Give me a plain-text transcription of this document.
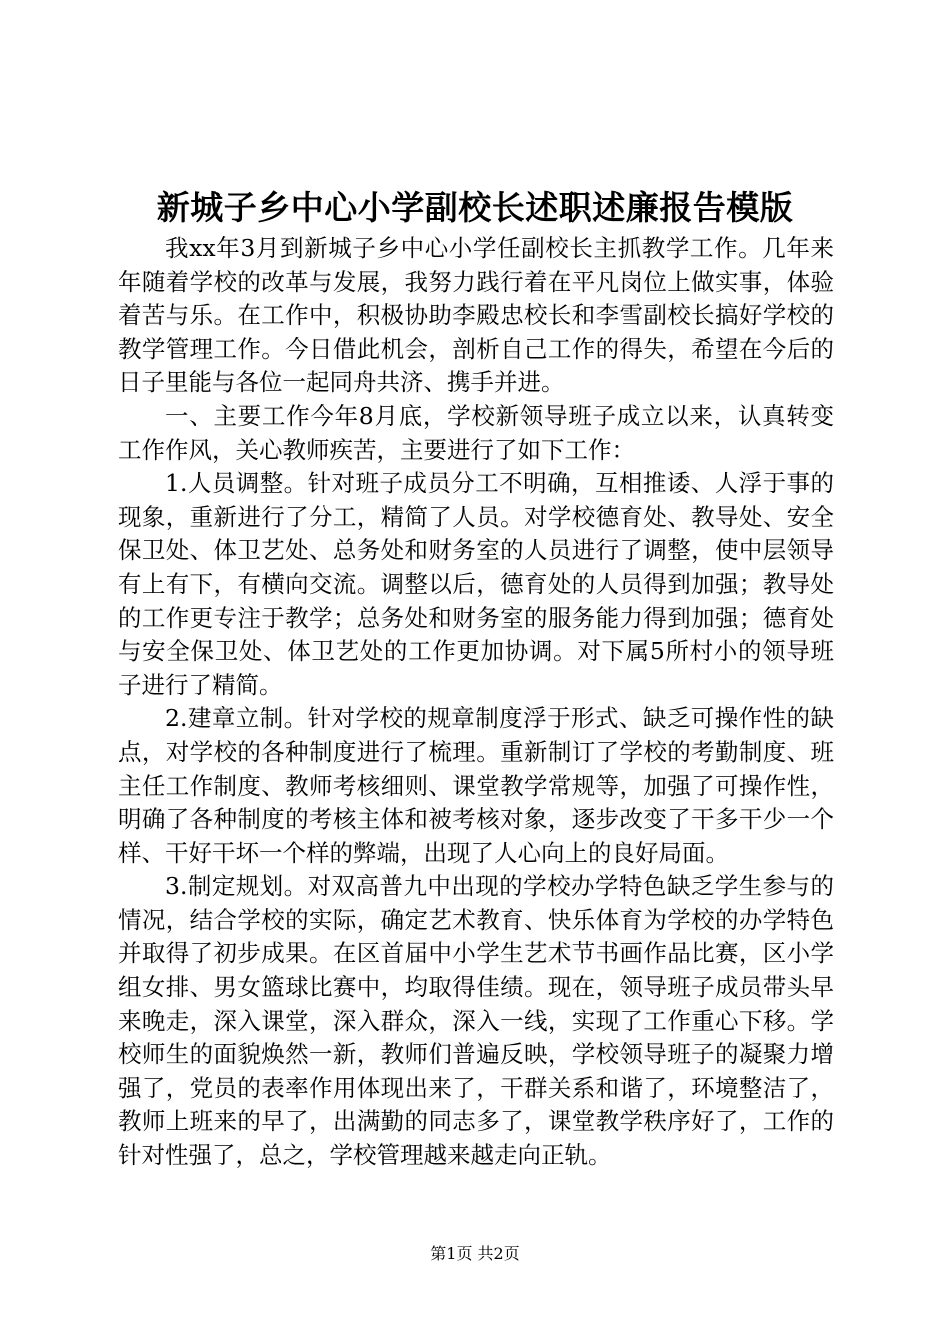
新城子乡中心小学副校长述职述廉报告模版

我xx年3月到新城子乡中心小学任副校长主抓教学工作。几年来年随着学校的改革与发展，我努力践行着在平凡岗位上做实事，体验着苦与乐。在工作中，积极协助李殿忠校长和李雪副校长搞好学校的教学管理工作。今日借此机会，剖析自己工作的得失，希望在今后的日子里能与各位一起同舟共济、携手并进。

一、主要工作今年8月底，学校新领导班子成立以来，认真转变工作作风，关心教师疾苦，主要进行了如下工作：

1.人员调整。针对班子成员分工不明确，互相推诿、人浮于事的现象，重新进行了分工，精简了人员。对学校德育处、教导处、安全保卫处、体卫艺处、总务处和财务室的人员进行了调整，使中层领导有上有下，有横向交流。调整以后，德育处的人员得到加强；教导处的工作更专注于教学；总务处和财务室的服务能力得到加强；德育处与安全保卫处、体卫艺处的工作更加协调。对下属5所村小的领导班子进行了精简。

2.建章立制。针对学校的规章制度浮于形式、缺乏可操作性的缺点，对学校的各种制度进行了梳理。重新制订了学校的考勤制度、班主任工作制度、教师考核细则、课堂教学常规等，加强了可操作性，明确了各种制度的考核主体和被考核对象，逐步改变了干多干少一个样、干好干坏一个样的弊端，出现了人心向上的良好局面。

3.制定规划。对双高普九中出现的学校办学特色缺乏学生参与的情况，结合学校的实际，确定艺术教育、快乐体育为学校的办学特色并取得了初步成果。在区首届中小学生艺术节书画作品比赛，区小学组女排、男女篮球比赛中，均取得佳绩。现在，领导班子成员带头早来晚走，深入课堂，深入群众，深入一线，实现了工作重心下移。学校师生的面貌焕然一新，教师们普遍反映，学校领导班子的凝聚力增强了，党员的表率作用体现出来了，干群关系和谐了，环境整洁了，教师上班来的早了，出满勤的同志多了，课堂教学秩序好了，工作的针对性强了，总之，学校管理越来越走向正轨。

第1页 共2页
